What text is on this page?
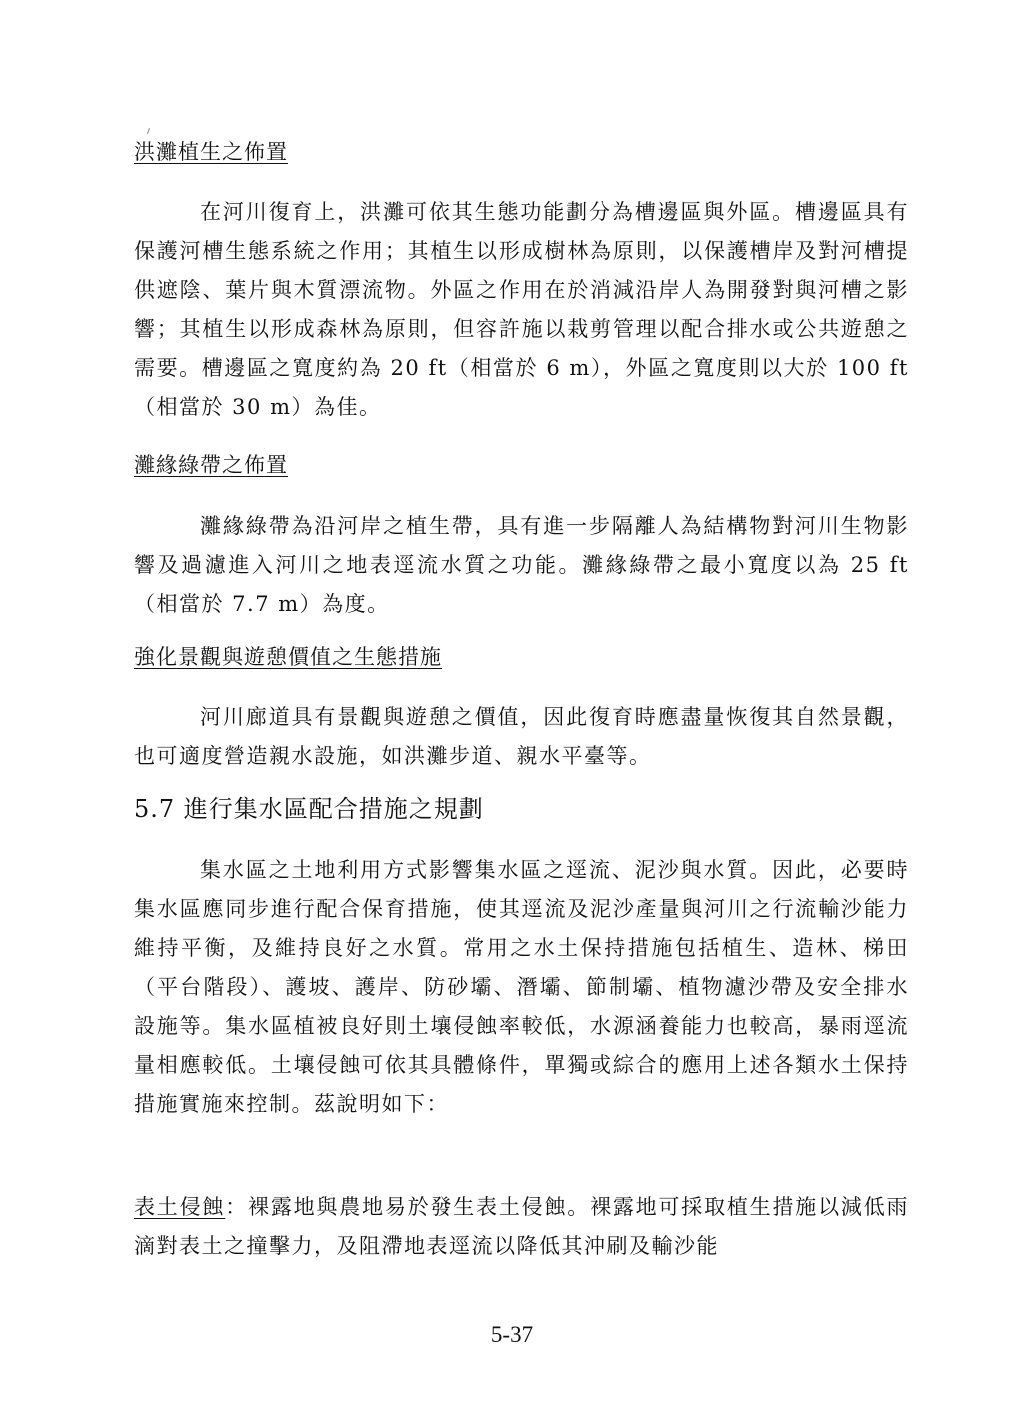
洪灘植生之佈置
在河川復育上，洪灘可依其生態功能劃分為槽邊區與外區。槽邊區具有保護河槽生態系統之作用；其植生以形成樹林為原則，以保護槽岸及對河槽提供遮陰、葉片與木質漂流物。外區之作用在於消減沿岸人為開發對與河槽之影響；其植生以形成森林為原則，但容許施以栽剪管理以配合排水或公共遊憩之需要。槽邊區之寬度約為 20 ft（相當於 6 m），外區之寬度則以大於 100 ft（相當於 30 m）為佳。
灘緣綠帶之佈置
灘緣綠帶為沿河岸之植生帶，具有進一步隔離人為結構物對河川生物影響及過濾進入河川之地表逕流水質之功能。灘緣綠帶之最小寬度以為 25 ft（相當於 7.7 m）為度。
強化景觀與遊憩價值之生態措施
河川廊道具有景觀與遊憩之價值，因此復育時應盡量恢復其自然景觀，也可適度營造親水設施，如洪灘步道、親水平臺等。
5.7 進行集水區配合措施之規劃
集水區之土地利用方式影響集水區之逕流、泥沙與水質。因此，必要時集水區應同步進行配合保育措施，使其逕流及泥沙產量與河川之行流輸沙能力維持平衡，及維持良好之水質。常用之水土保持措施包括植生、造林、梯田（平台階段）、護坡、護岸、防砂壩、潛壩、節制壩、植物濾沙帶及安全排水設施等。集水區植被良好則土壤侵蝕率較低，水源涵養能力也較高，暴雨逕流量相應較低。土壤侵蝕可依其具體條件，單獨或綜合的應用上述各類水土保持措施實施來控制。茲說明如下：
表土侵蝕：裸露地與農地易於發生表土侵蝕。裸露地可採取植生措施以減低雨滴對表土之撞擊力，及阻滯地表逕流以降低其沖刷及輸沙能
5-37
